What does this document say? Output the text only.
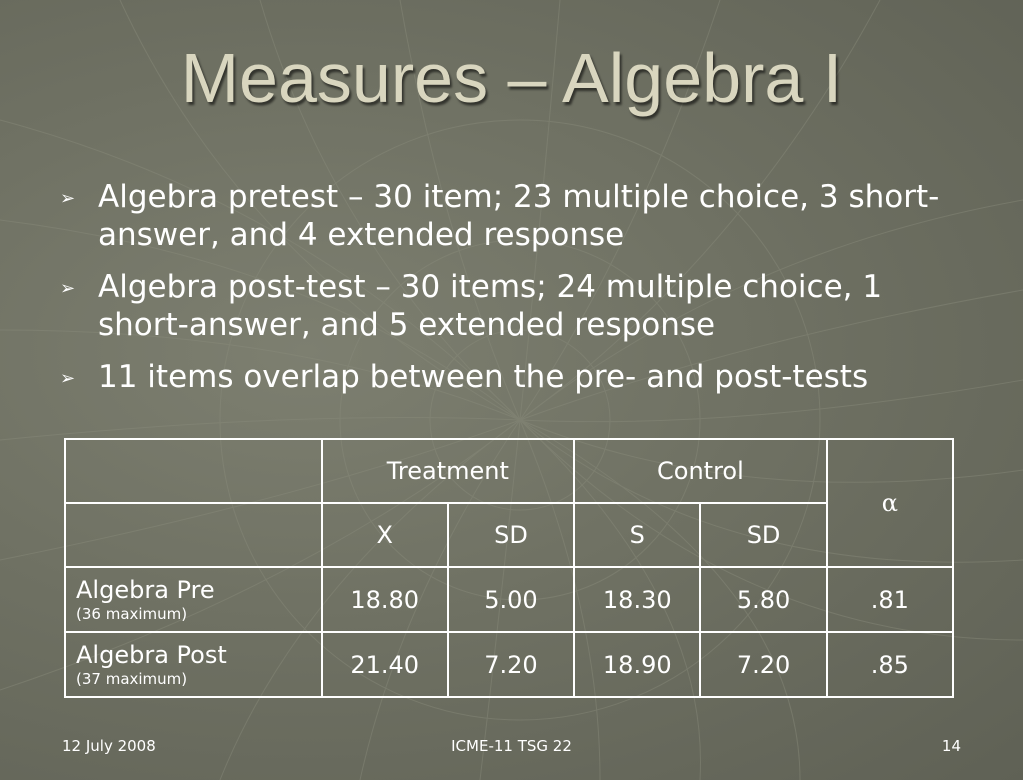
Measures – Algebra I
➢ Algebra pretest – 30 item; 23 multiple choice, 3 short-answer, and 4 extended response
➢ Algebra post-test – 30 items; 24 multiple choice, 1 short-answer, and 5 extended response
➢ 11 items overlap between the pre- and post-tests
	Treatment		Control		α
	X	SD	S	SD	

Algebra Pre
(36 maximum)	18.80	5.00	18.30	5.80	.81

Algebra Post
(37 maximum)	21.40	7.20	18.90	7.20	.85
12 July 2008	ICME-11 TSG 22	14
